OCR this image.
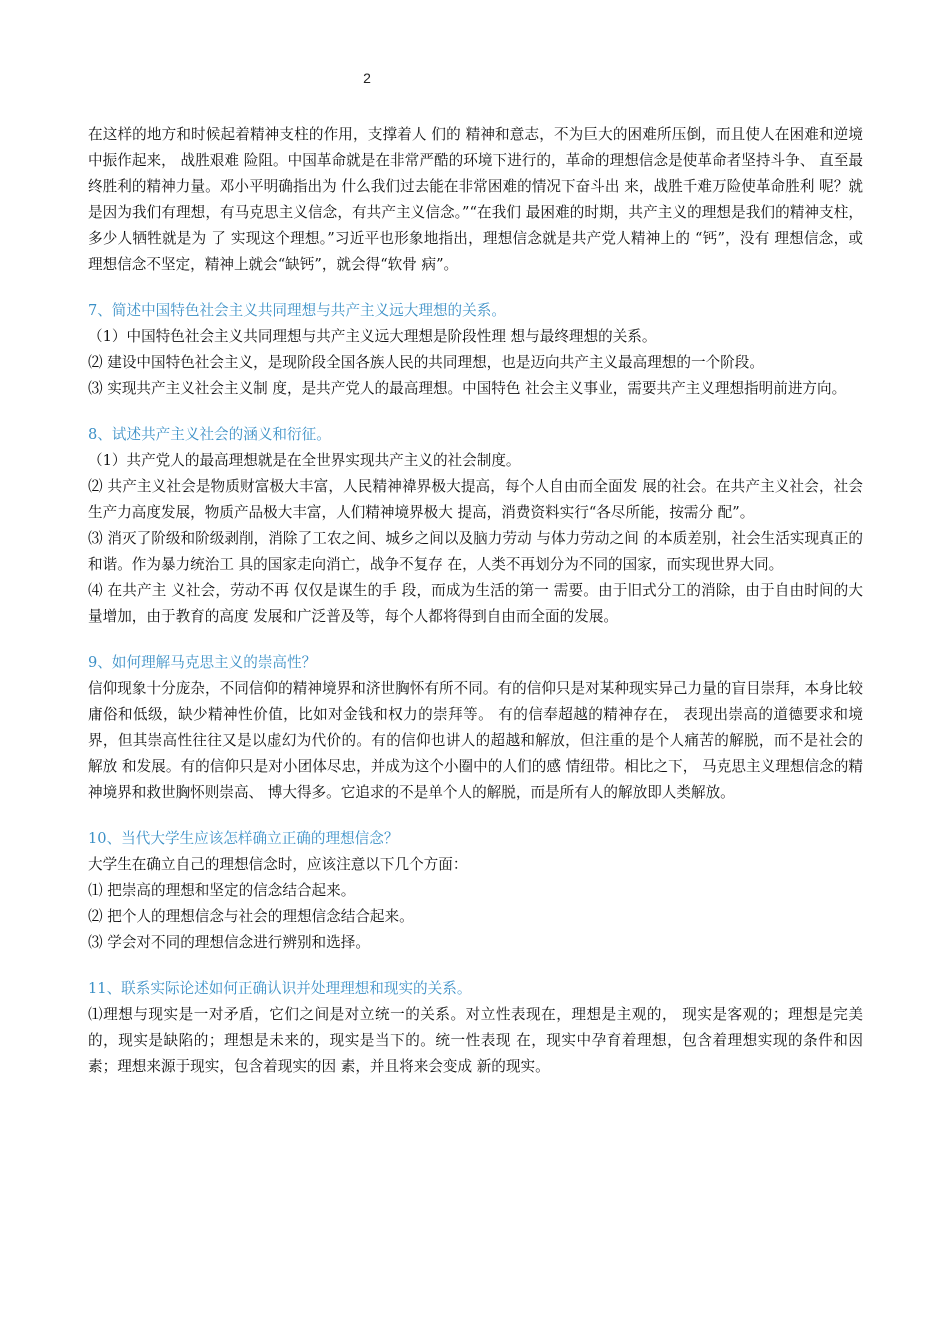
2

在这样的地方和时候起着精神支柱的作用，支撑着人 们的 精神和意志，不为巨大的困难所压倒，而且使人在困难和逆境中振作起来， 战胜艰难 险阻。中国革命就是在非常严酷的环境下进行的，革命的理想信念是使革命者坚持斗争、 直至最终胜利的精神力量。邓小平明确指出为 什么我们过去能在非常困难的情况下奋斗出 来，战胜千难万险使革命胜利 呢？就是因为我们有理想，有马克思主义信念，有共产主义信念。”“在我们 最困难的时期，共产主义的理想是我们的精神支柱，多少人牺牲就是为 了 实现这个理想。”习近平也形象地指出，理想信念就是共产党人精神上的 “钙”，没有 理想信念，或理想信念不坚定，精神上就会“缺钙”，就会得“软骨 病”。

7、简述中国特色社会主义共同理想与共产主义远大理想的关系。

（1）中国特色社会主义共同理想与共产主义远大理想是阶段性理 想与最终理想的关系。

⑵ 建设中国特色社会主义，是现阶段全国各族人民的共同理想，也是迈向共产主义最高理想的一个阶段。

⑶ 实现共产主义社会主义制 度，是共产党人的最高理想。中国特色 社会主义事业，需要共产主义理想指明前进方向。

8、试述共产主义社会的涵义和衍征。

（1）共产党人的最高理想就是在全世界实现共产主义的社会制度。

⑵ 共产主义社会是物质财富极大丰富，人民精神禕界极大提高，每个人自由而全面发 展的社会。在共产主义社会，社会生产力高度发展，物质产品极大丰富，人们精神境界极大 提高，消费资料实行“各尽所能，按需分 配”。

⑶ 消灭了阶级和阶级剥削，消除了工农之间、城乡之间以及脑力劳动 与体力劳动之间 的本质差别，社会生活实现真正的和谐。作为暴力统治工 具的国家走向消亡，战争不复存 在，人类不再划分为不同的国家，而实现世界大同。

⑷ 在共产主 义社会，劳动不再 仅仅是谋生的手 段，而成为生活的第一 需要。由于旧式分工的消除，由于自由时间的大量增加，由于教育的高度 发展和广泛普及等，每个人都将得到自由而全面的发展。

9、如何理解马克思主义的崇高性？

信仰现象十分庞杂，不同信仰的精神境界和济世胸怀有所不同。有的信仰只是对某种现实异己力量的盲目崇拜，本身比较庸俗和低级，缺少精神性价值，比如对金钱和权力的崇拜等。 有的信奉超越的精神存在， 表现出崇高的道德要求和境界，但其崇高性往往又是以虚幻为代价的。有的信仰也讲人的超越和解放，但注重的是个人痛苦的解脱，而不是社会的 解放 和发展。有的信仰只是对小团体尽忠，并成为这个小圈中的人们的感 情纽带。相比之下， 马克思主义理想信念的精神境界和救世胸怀则崇高、 博大得多。它追求的不是单个人的解脱，而是所有人的解放即人类解放。

10、当代大学生应该怎样确立正确的理想信念？

大学生在确立自己的理想信念时，应该注意以下几个方面：

⑴ 把崇高的理想和坚定的信念结合起来。

⑵ 把个人的理想信念与社会的理想信念结合起来。

⑶ 学会对不同的理想信念进行辨别和选择。

11、联系实际论述如何正确认识并处理理想和现实的关系。

⑴理想与现实是一对矛盾，它们之间是对立统一的关系。对立性表现在，理想是主观的， 现实是客观的；理想是完美的，现实是缺陷的；理想是未来的，现实是当下的。统一性表现 在，现实中孕育着理想，包含着理想实现的条件和因素；理想来源于现实，包含着现实的因 素，并且将来会变成 新的现实。
